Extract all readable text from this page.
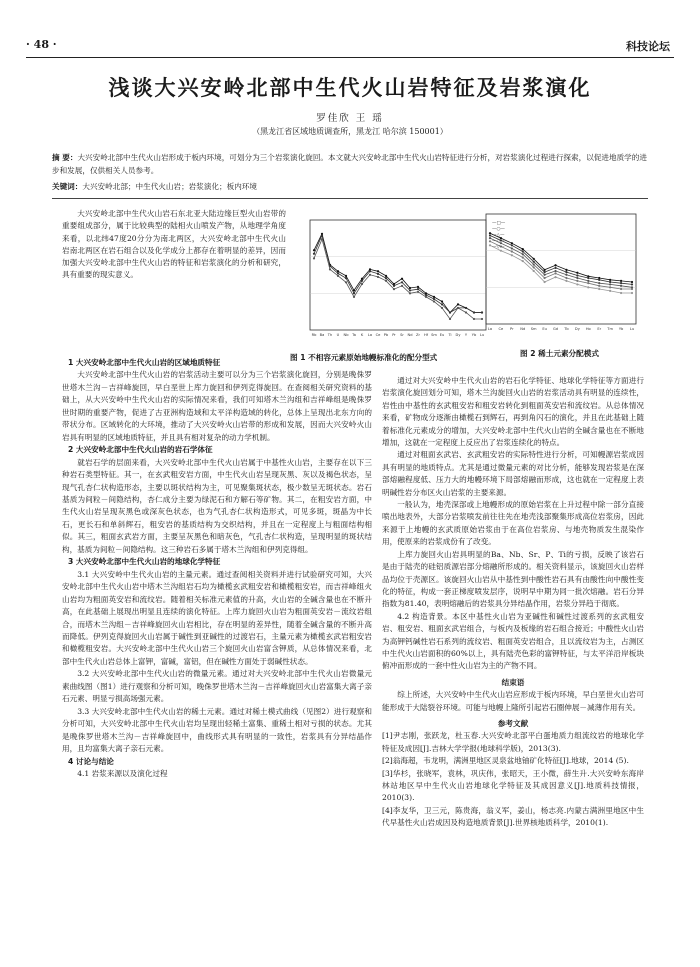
· 48 ·	科技论坛
浅谈大兴安岭北部中生代火山岩特征及岩浆演化
罗佳欣 王 瑶
（黑龙江省区域地质调查所，黑龙江 哈尔滨 150001）
摘 要：大兴安岭北部中生代火山岩形成于板内环境，可划分为三个岩浆演化旋回。本文就大兴安岭北部中生代火山岩特征进行分析，对岩浆演化过程进行探索，以促进地质学的进步和发展，仅供相关人员参考。
关键词：大兴安岭北部；中生代火山岩；岩浆演化；板内环境

大兴安岭北部中生代火山岩石东北亚大陆边缘巨型火山岩带的重要组成部分，属于比较典型的陆相火山喷发产物，从地理学角度来看，以北纬47度20分分为南北两区，大兴安岭北部中生代火山岩南北两区在岩石组合以及化学成分上都存在着明显的差异，因而加强大兴安岭北部中生代火山岩的特征和岩浆演化的分析和研究，具有重要的现实意义。

Rb Ba Th U Nb Ta K La Ce Pb Pr Sr Nd Zr Hf Sm Eu Ti Dy Y Yb Lu
La Ce Pr Nd Sm Eu Gd Tb Dy Ho Er Tm Yb Lu
—□—
—○—
—△—
—◇—
—▽—
图 1 不相容元素原始地幔标准化的配分型式	图 2 稀土元素分配模式

1 大兴安岭北部中生代火山岩的区域地质特征

大兴安岭北部中生代火山岩的岩浆活动主要可以分为三个岩浆演化旋回，分别是晚侏罗世塔木兰沟－吉祥峰旋回，早白垩世上库力旋回和伊列克得旋回。在查阅相关研究资料的基础上，从大兴安岭中生代火山岩的实际情况来看，我们可知塔木兰沟组和吉祥峰组是晚侏罗世时期的重要产物，促进了古亚洲构造域和太平洋构造域的转化，总体上呈现出北东方向的带状分布。区域转化的大环境，推动了大兴安岭火山岩带的形成和发展，因而大兴安岭火山岩具有明显的区域地质特征，并且具有相对复杂的动力学机制。

2 大兴安岭北部中生代火山岩的岩石学体征

就岩石学的层面来看，大兴安岭北部中生代火山岩属于中基性火山岩，主要存在以下三种岩石类型特征。其一，在玄武粗安岩方面，中生代火山岩呈现灰黑、灰以及褐色状态，呈现气孔杏仁状构造形态，主要以斑状结构为主，可见聚集斑状态，极少数呈无斑状态。岩石基质为间粒－间隐结构，杏仁成分主要为绿泥石和方解石等矿物。其二，在粗安岩方面，中生代火山岩呈现灰黑色或深灰色状态，也为气孔杏仁状构造形式，可见多斑，斑晶为中长石，更长石和单斜辉石，粗安岩的基质结构为交织结构，并且在一定程度上与粗面结构相似。其三，粗面玄武岩方面，主要呈灰黑色和暗灰色，气孔杏仁状构造，呈现明显的斑状结构，基质为间粒－间隐结构。这三种岩石多属于塔木兰沟组和伊列克得组。

3 大兴安岭北部中生代火山岩的地球化学特征

3.1 大兴安岭中生代火山岩的主量元素。通过查阅相关资料并进行试验研究可知，大兴安岭北部中生代火山岩中塔木兰沟组岩石均为橄榄玄武粗安岩和橄榄粗安岩，而吉祥峰组火山岩均为粗面英安岩和流纹岩。随着相关标准元素值的升高，火山岩的全碱含量也在不断升高，在此基础上展现出明显且连续的演化特征。上库力旋回火山岩为粗面英安岩－流纹岩组合，而塔木兰沟组－吉祥峰旋回火山岩相比，存在明显的差异性，随着全碱含量的不断升高而降低。伊列克得旋回火山岩属于碱性到亚碱性的过渡岩石，主量元素为橄榄玄武岩粗安岩和橄榄粗安岩。大兴安岭北部中生代火山岩三个旋回火山岩富含钾质，从总体情况来看，北部中生代火山岩总体上富钾，富碱，富铝，但在碱性方面处于弱碱性状态。

3.2 大兴安岭北部中生代火山岩的微量元素。通过对大兴安岭北部中生代火山岩微量元素曲线图（图1）进行观察和分析可知，晚侏罗世塔木兰沟－吉祥峰旋回火山岩富集大离子亲石元素、明显亏损高场强元素。

3.3 大兴安岭北部中生代火山岩的稀土元素。通过对稀土模式曲线（见图2）进行观察和分析可知，大兴安岭北部中生代火山岩均呈现出轻稀土富集、重稀土相对亏损的状态。尤其是晚侏罗世塔木兰沟－吉祥峰旋回中，曲线形式具有明显的一致性，岩浆具有分异结晶作用，且均富集大离子亲石元素。

4 讨论与结论

4.1 岩浆来源以及演化过程

通过对大兴安岭中生代火山岩的岩石化学特征、地球化学特征等方面进行岩浆演化旋回划分可知，塔木兰沟旋回火山岩的岩浆活动具有明显的连续性，岩性由中基性的玄武粗安岩和粗安岩转化到粗面英安岩和流纹岩。从总体情况来看，矿物成分逐渐由橄榄石到辉石，再到角闪石的演化，并且在此基础上随着标准化元素成分的增加，大兴安岭北部中生代火山岩的全碱含量也在不断地增加，这就在一定程度上反应出了岩浆连续化的特点。

通过对粗面玄武岩、玄武粗安岩的实际特性进行分析，可知幔源岩浆成因具有明显的地质特点。尤其是通过微量元素的对比分析，能够发现岩浆是在深部熔融程度低、压力大的地幔环境下局部熔融而形成，这也就在一定程度上表明碱性岩分布区火山岩浆的主要来源。

一般认为，地壳深部或上地幔形成的原始岩浆在上升过程中除一部分直接喷出地表外，大部分岩浆喷发前往往先在地壳浅部聚集形成高位岩浆房，因此来源于上地幔的玄武质原始岩浆由于在高位岩浆房、与地壳物质发生混染作用，使原来的岩浆成份有了改变。

上库力旋回火山岩具明显的Ba、Nb、Sr、P、Ti的亏损，反映了该岩石是由于陆壳的硅铝质源岩部分熔融所形成的。相关资料显示，该旋回火山岩样品均位于壳源区。该旋回火山岩从中基性到中酸性岩石具有由酸性向中酸性变化的特征，构成一套正梯度喷发层序，说明早中期为同一批次熔融。岩石分异指数为81.40，表明熔融后的岩浆具分异结晶作用，岩浆分异趋于彻底。

4.2 构造背景。本区中基性火山岩为亚碱性和碱性过渡系列的玄武粗安岩、粗安岩、粗面玄武岩组合，与板内及板缘的岩石组合接近；中酸性火山岩为高钾钙碱性岩石系列的流纹岩、粗面英安岩组合，且以流纹岩为主，占测区中生代火山岩面积的60%以上，具有陆壳色彩的富钾特征，与太平洋沿岸板块俯冲而形成的一套中性火山岩为主的产物不同。

结束语

综上所述，大兴安岭中生代火山岩应形成于板内环境，早白垩世火山岩可能形成于大陆裂谷环境。可能与地幔上隆所引起岩石圈伸展－减薄作用有关。

参考文献

[1]尹志刚，张跃龙，杜玉春.大兴安岭北部平白蛋地质力组流纹岩的地球化学特征及成因[J].吉林大学学报(地球科学版)，2013(3).

[2]翁海超，韦龙明，满洲里地区灵泉盆地铀矿化特征[J].地球，2014 (5).

[3]华杉，张晓军，袁林，巩庆伟，张昭天，王小微，薛生升.大兴安岭东海岸林站地区早中生代火山岩地球化学特征及其成因意义[J].地质科技情报，2010(3).

[4]李友华，卫三元，陈贵海，翁义军，姜山，杨志亮.内蒙古满洲里地区中生代早基性火山岩成因及构造地质背景[J].世界核地质科学，2010(1).
